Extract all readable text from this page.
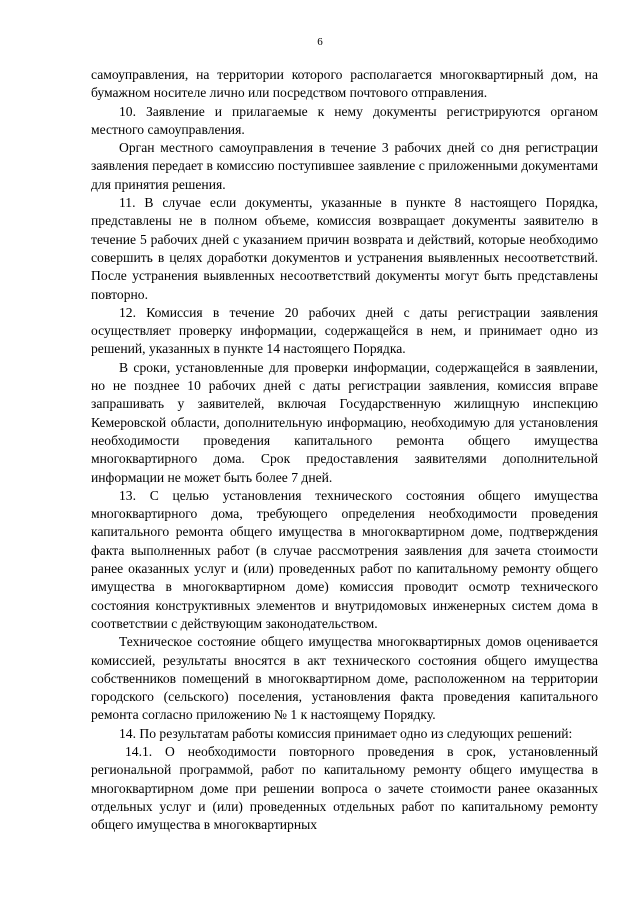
6

самоуправления, на территории которого располагается многоквартирный дом, на бумажном носителе лично или посредством почтового отправления.

10. Заявление и прилагаемые к нему документы регистрируются органом местного самоуправления.

Орган местного самоуправления в течение 3 рабочих дней со дня регистрации заявления передает в комиссию поступившее заявление с приложенными документами для принятия решения.

11. В случае если документы, указанные в пункте 8 настоящего Порядка, представлены не в полном объеме, комиссия возвращает документы заявителю в течение 5 рабочих дней с указанием причин возврата и действий, которые необходимо совершить в целях доработки документов и устранения выявленных несоответствий. После устранения выявленных несоответствий документы могут быть представлены повторно.

12. Комиссия в течение 20 рабочих дней с даты регистрации заявления осуществляет проверку информации, содержащейся в нем, и принимает одно из решений, указанных в пункте 14 настоящего Порядка.

В сроки, установленные для проверки информации, содержащейся в заявлении, но не позднее 10 рабочих дней с даты регистрации заявления, комиссия вправе запрашивать у заявителей, включая Государственную жилищную инспекцию Кемеровской области, дополнительную информацию, необходимую для установления необходимости проведения капитального ремонта общего имущества многоквартирного дома. Срок предоставления заявителями дополнительной информации не может быть более 7 дней.

13. С целью установления технического состояния общего имущества многоквартирного дома, требующего определения необходимости проведения капитального ремонта общего имущества в многоквартирном доме, подтверждения факта выполненных работ (в случае рассмотрения заявления для зачета стоимости ранее оказанных услуг и (или) проведенных работ по капитальному ремонту общего имущества в многоквартирном доме) комиссия проводит осмотр технического состояния конструктивных элементов и внутридомовых инженерных систем дома в соответствии с действующим законодательством.

Техническое состояние общего имущества многоквартирных домов оценивается комиссией, результаты вносятся в акт технического состояния общего имущества собственников помещений в многоквартирном доме, расположенном на территории городского (сельского) поселения, установления факта проведения капитального ремонта согласно приложению № 1 к настоящему Порядку.

14. По результатам работы комиссия принимает одно из следующих решений:

14.1. О необходимости повторного проведения в срок, установленный региональной программой, работ по капитальному ремонту общего имущества в многоквартирном доме при решении вопроса о зачете стоимости ранее оказанных отдельных услуг и (или) проведенных отдельных работ по капитальному ремонту общего имущества в многоквартирных
